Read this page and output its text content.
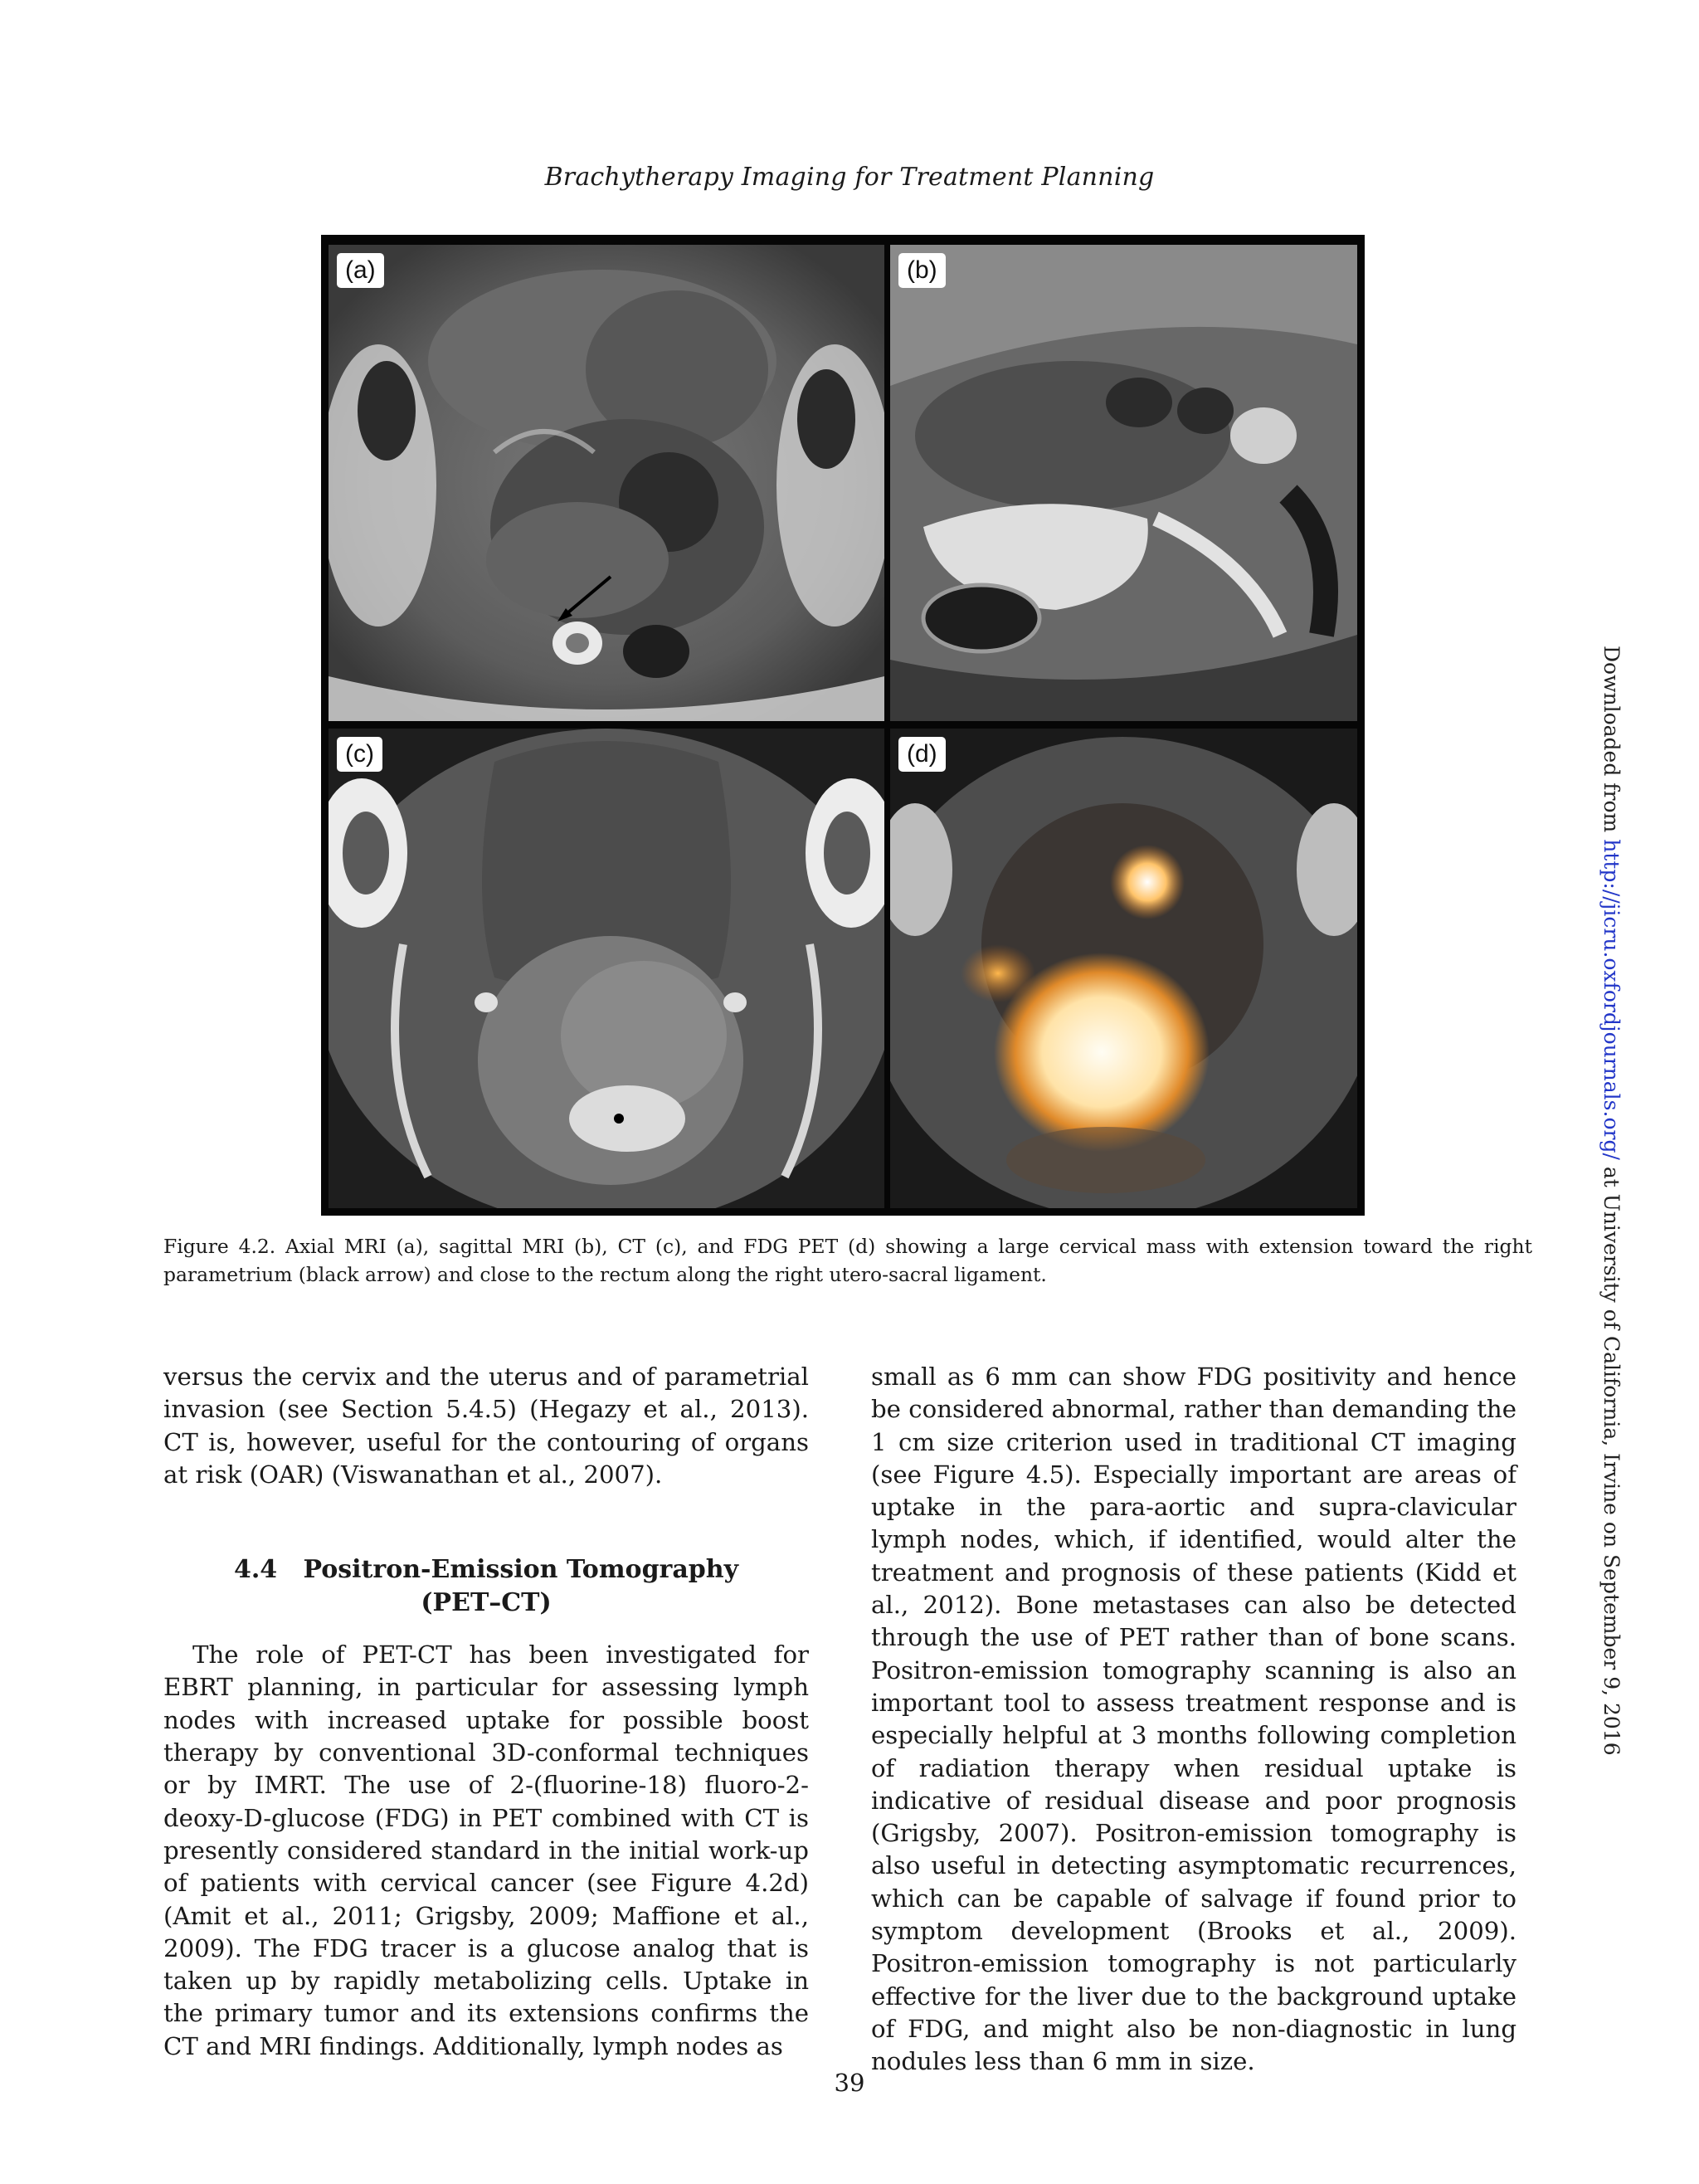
Brachytherapy Imaging for Treatment Planning
(a)	(b)
(c)	(d)

Figure 4.2. Axial MRI (a), sagittal MRI (b), CT (c), and FDG PET (d) showing a large cervical mass with extension toward the right parametrium (black arrow) and close to the rectum along the right utero-sacral ligament.

versus the cervix and the uterus and of parametrial invasion (see Section 5.4.5) (Hegazy et al., 2013). CT is, however, useful for the contouring of organs at risk (OAR) (Viswanathan et al., 2007).

4.4   Positron-Emission Tomography
(PET–CT)

The role of PET-CT has been investigated for EBRT planning, in particular for assessing lymph nodes with increased uptake for possible boost therapy by conventional 3D-conformal techniques or by IMRT. The use of 2-(fluorine-18) fluoro-2-deoxy-D-glucose (FDG) in PET combined with CT is presently considered standard in the initial work-up of patients with cervical cancer (see Figure 4.2d) (Amit et al., 2011; Grigsby, 2009; Maffione et al., 2009). The FDG tracer is a glucose analog that is taken up by rapidly metabolizing cells. Uptake in the primary tumor and its extensions confirms the CT and MRI findings. Additionally, lymph nodes as

small as 6 mm can show FDG positivity and hence be considered abnormal, rather than demanding the 1 cm size criterion used in traditional CT imaging (see Figure 4.5). Especially important are areas of uptake in the para-aortic and supra-clavicular lymph nodes, which, if identified, would alter the treatment and prognosis of these patients (Kidd et al., 2012). Bone metastases can also be detected through the use of PET rather than of bone scans. Positron-emission tomography scanning is also an important tool to assess treatment response and is especially helpful at 3 months following completion of radiation therapy when residual uptake is indicative of residual disease and poor prognosis (Grigsby, 2007). Positron-emission tomography is also useful in detecting asymptomatic recurrences, which can be capable of salvage if found prior to symptom development (Brooks et al., 2009). Positron-emission tomography is not particularly effective for the liver due to the background uptake of FDG, and might also be non-diagnostic in lung nodules less than 6 mm in size.

39
Downloaded from http://jicru.oxfordjournals.org/ at University of California, Irvine on September 9, 2016
